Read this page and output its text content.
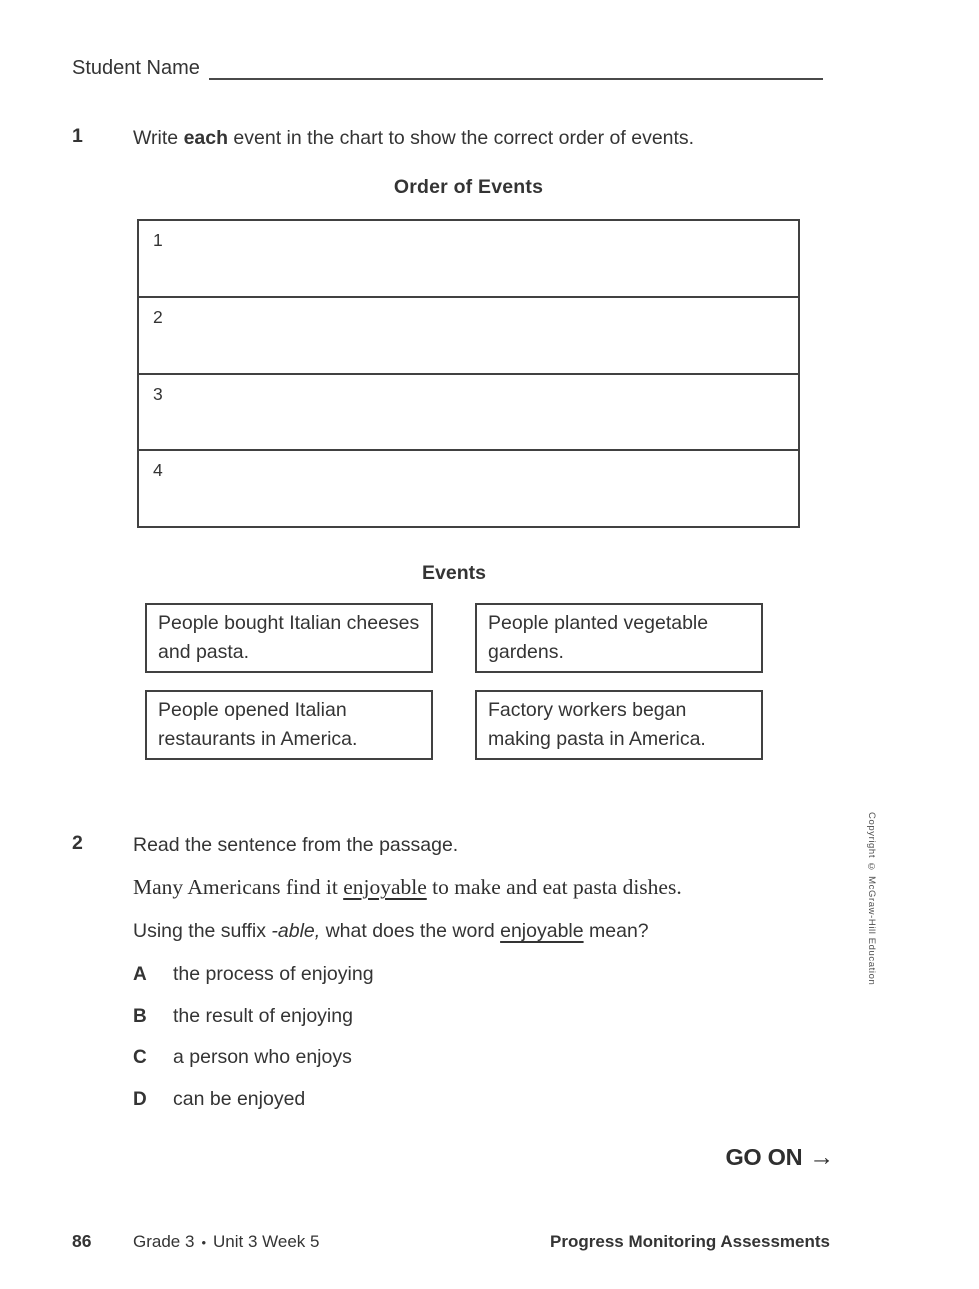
Student Name
1	Write each event in the chart to show the correct order of events.
Order of Events
1
2
3
4
Events
People bought Italian cheeses and pasta.
People planted vegetable gardens.
People opened Italian restaurants in America.
Factory workers began making pasta in America.
2	Read the sentence from the passage.
Many Americans find it enjoyable to make and eat pasta dishes.
Using the suffix -able, what does the word enjoyable mean?
A	the process of enjoying
B	the result of enjoying
C	a person who enjoys
D	can be enjoyed
GO ON →
86	Grade 3 • Unit 3 Week 5	Progress Monitoring Assessments
Copyright © McGraw-Hill Education
